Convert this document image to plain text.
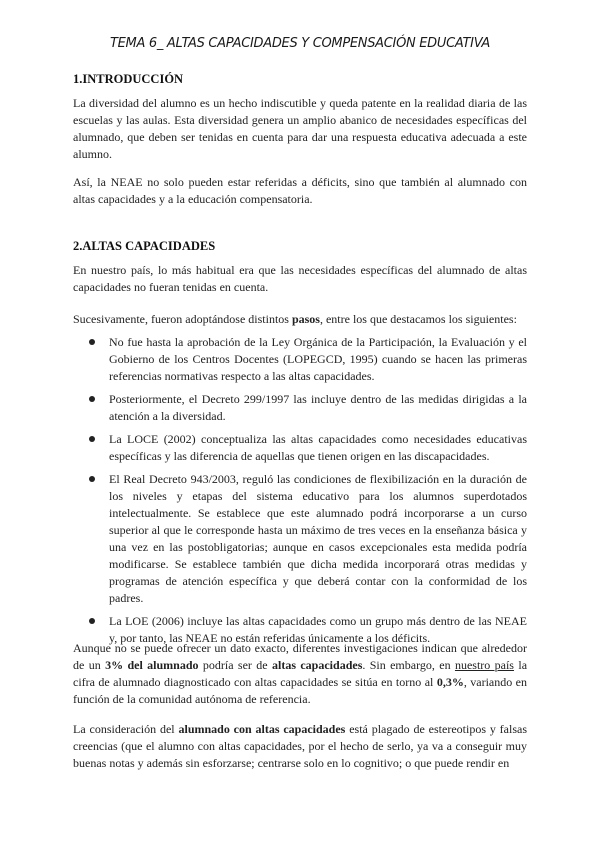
TEMA 6_ ALTAS CAPACIDADES Y COMPENSACIÓN EDUCATIVA
1.INTRODUCCIÓN

La diversidad del alumno es un hecho indiscutible y queda patente en la realidad diaria de las escuelas y las aulas. Esta diversidad genera un amplio abanico de necesidades específicas del alumnado, que deben ser tenidas en cuenta para dar una respuesta educativa adecuada a este alumno.

Así, la NEAE no solo pueden estar referidas a déficits, sino que también al alumnado con altas capacidades y a la educación compensatoria.

2.ALTAS CAPACIDADES

En nuestro país, lo más habitual era que las necesidades específicas del alumnado de altas capacidades no fueran tenidas en cuenta.

Sucesivamente, fueron adoptándose distintos pasos, entre los que destacamos los siguientes:

No fue hasta la aprobación de la Ley Orgánica de la Participación, la Evaluación y el Gobierno de los Centros Docentes (LOPEGCD, 1995) cuando se hacen las primeras referencias normativas respecto a las altas capacidades.
Posteriormente, el Decreto 299/1997 las incluye dentro de las medidas dirigidas a la atención a la diversidad.
La LOCE (2002) conceptualiza las altas capacidades como necesidades educativas específicas y las diferencia de aquellas que tienen origen en las discapacidades.
El Real Decreto 943/2003, reguló las condiciones de flexibilización en la duración de los niveles y etapas del sistema educativo para los alumnos superdotados intelectualmente. Se establece que este alumnado podrá incorporarse a un curso superior al que le corresponde hasta un máximo de tres veces en la enseñanza básica y una vez en las postobligatorias; aunque en casos excepcionales esta medida podría modificarse. Se establece también que dicha medida incorporará otras medidas y programas de atención específica y que deberá contar con la conformidad de los padres.
La LOE (2006) incluye las altas capacidades como un grupo más dentro de las NEAE y, por tanto, las NEAE no están referidas únicamente a los déficits.

Aunque no se puede ofrecer un dato exacto, diferentes investigaciones indican que alrededor de un 3% del alumnado podría ser de altas capacidades. Sin embargo, en nuestro país la cifra de alumnado diagnosticado con altas capacidades se sitúa en torno al 0,3%, variando en función de la comunidad autónoma de referencia.

La consideración del alumnado con altas capacidades está plagado de estereotipos y falsas creencias (que el alumno con altas capacidades, por el hecho de serlo, ya va a conseguir muy buenas notas y además sin esforzarse; centrarse solo en lo cognitivo; o que puede rendir en
